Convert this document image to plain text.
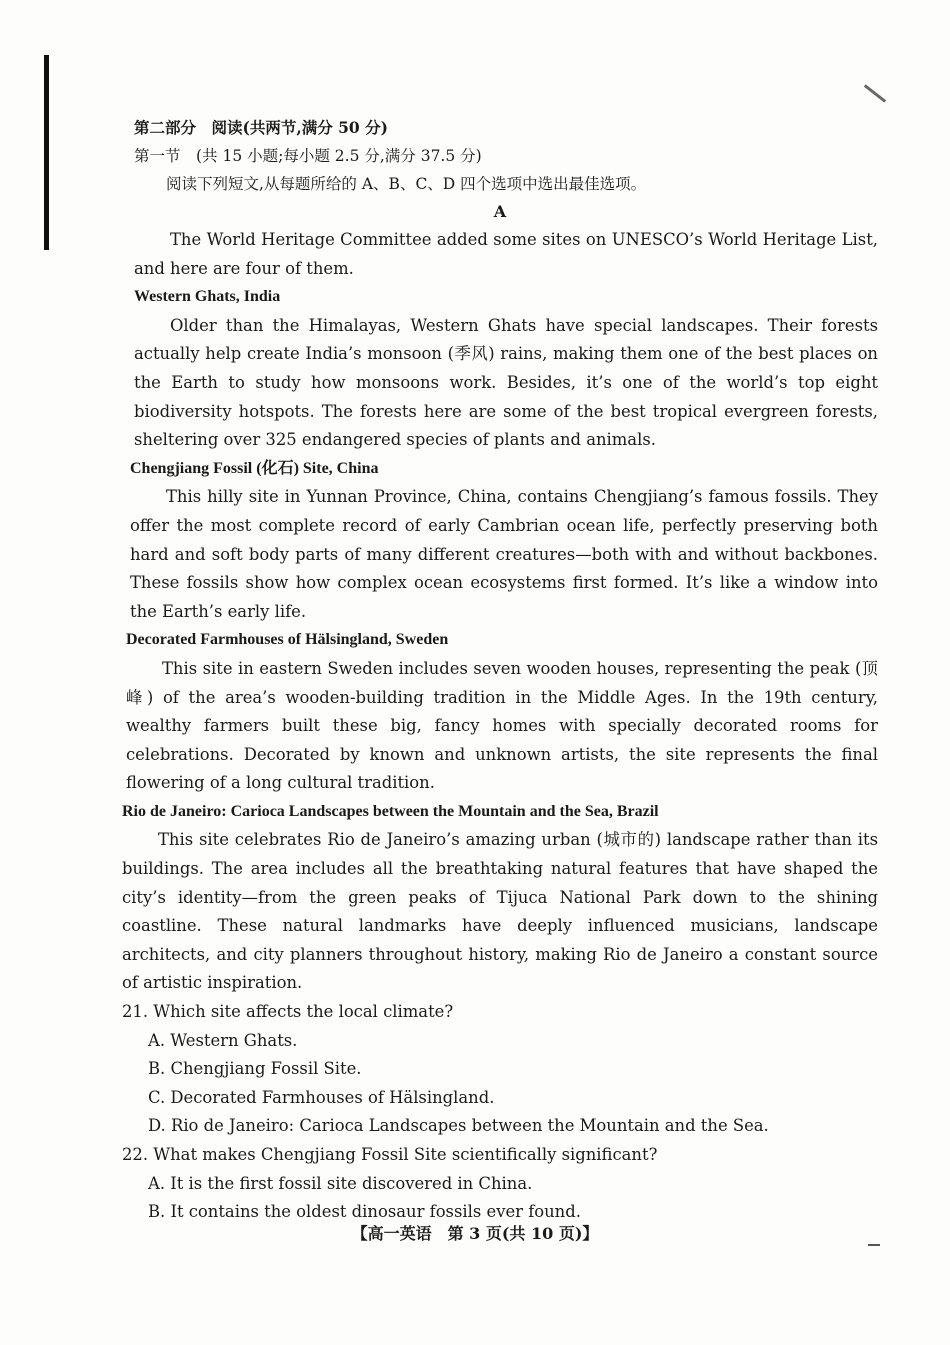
第二部分　阅读(共两节,满分 50 分)

第一节　(共 15 小题;每小题 2.5 分,满分 37.5 分)

阅读下列短文,从每题所给的 A、B、C、D 四个选项中选出最佳选项。

A

The World Heritage Committee added some sites on UNESCO’s World Heritage List, and here are four of them.

Western Ghats, India

Older than the Himalayas, Western Ghats have special landscapes. Their forests actually help create India’s monsoon (季风) rains, making them one of the best places on the Earth to study how monsoons work. Besides, it’s one of the world’s top eight biodiversity hotspots. The forests here are some of the best tropical evergreen forests, sheltering over 325 endangered species of plants and animals.

Chengjiang Fossil (化石) Site, China

This hilly site in Yunnan Province, China, contains Chengjiang’s famous fossils. They offer the most complete record of early Cambrian ocean life, perfectly preserving both hard and soft body parts of many different creatures—both with and without backbones. These fossils show how complex ocean ecosystems first formed. It’s like a window into the Earth’s early life.

Decorated Farmhouses of Hälsingland, Sweden

This site in eastern Sweden includes seven wooden houses, representing the peak (顶峰) of the area’s wooden-building tradition in the Middle Ages. In the 19th century, wealthy farmers built these big, fancy homes with specially decorated rooms for celebrations. Decorated by known and unknown artists, the site represents the final flowering of a long cultural tradition.

Rio de Janeiro: Carioca Landscapes between the Mountain and the Sea, Brazil

This site celebrates Rio de Janeiro’s amazing urban (城市的) landscape rather than its buildings. The area includes all the breathtaking natural features that have shaped the city’s identity—from the green peaks of Tijuca National Park down to the shining coastline. These natural landmarks have deeply influenced musicians, landscape architects, and city planners throughout history, making Rio de Janeiro a constant source of artistic inspiration.

21. Which site affects the local climate?

A. Western Ghats.

B. Chengjiang Fossil Site.

C. Decorated Farmhouses of Hälsingland.

D. Rio de Janeiro: Carioca Landscapes between the Mountain and the Sea.

22. What makes Chengjiang Fossil Site scientifically significant?

A. It is the first fossil site discovered in China.

B. It contains the oldest dinosaur fossils ever found.

【高一英语　第 3 页(共 10 页)】
